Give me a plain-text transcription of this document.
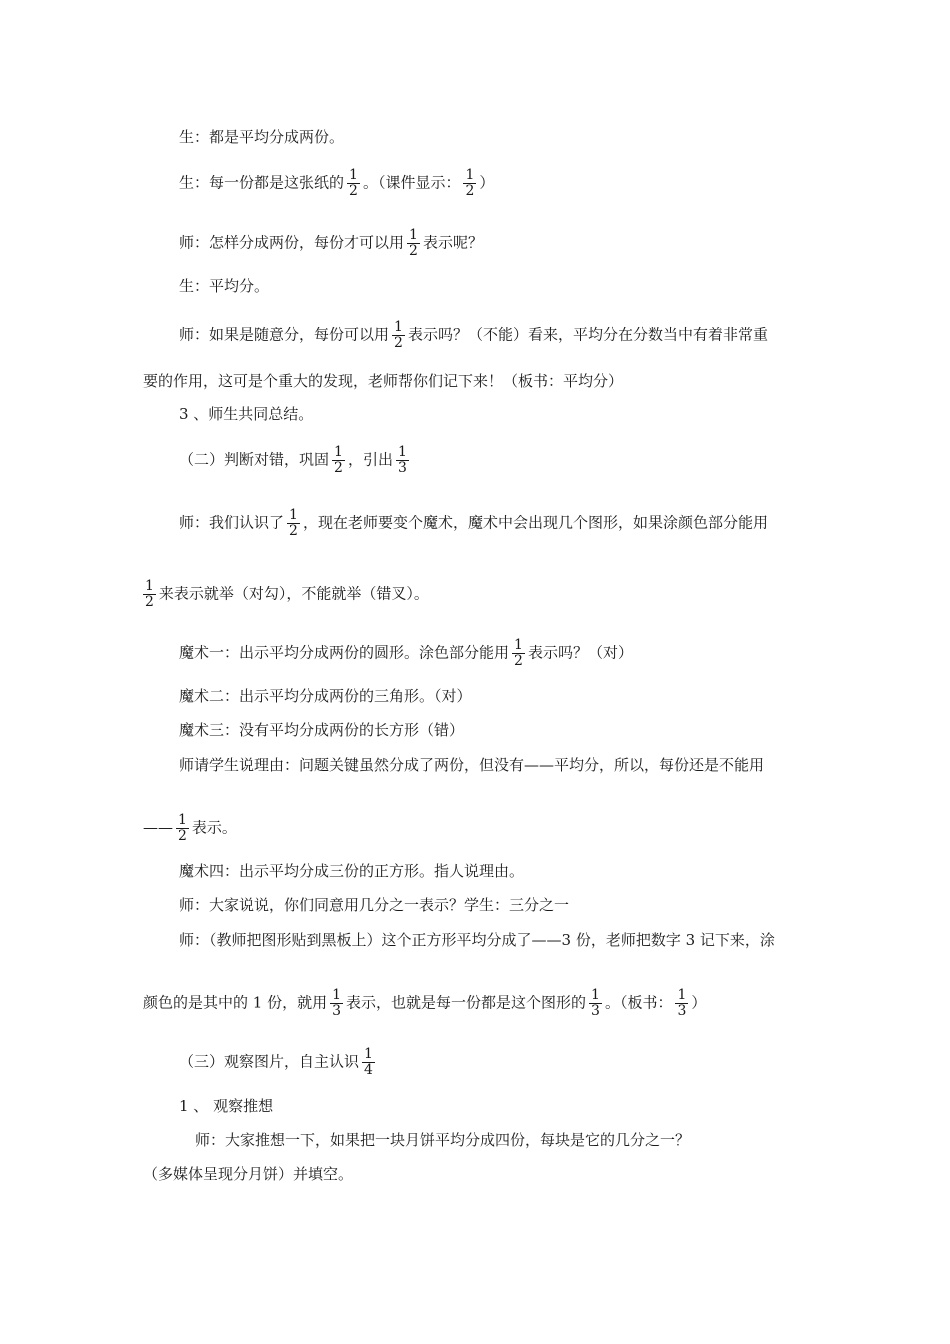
生：都是平均分成两份。
生：每一份都是这张纸的 $\frac{1}{2}$ 。（课件显示： $\frac{1}{2}$ ）
师：怎样分成两份，每份才可以用 $\frac{1}{2}$ 表示呢？
生：平均分。
师：如果是随意分，每份可以用 $\frac{1}{2}$ 表示吗？（不能）看来，平均分在分数当中有着非常重
要的作用，这可是个重大的发现，老师帮你们记下来！（板书：平均分）
3 、师生共同总结。
（二）判断对错，巩固 $\frac{1}{2}$ ，引出 $\frac{1}{3}$
师：我们认识了 $\frac{1}{2}$ ，现在老师要变个魔术，魔术中会出现几个图形，如果涂颜色部分能用
$\frac{1}{2}$ 来表示就举（对勾），不能就举（错叉）。
魔术一：出示平均分成两份的圆形。涂色部分能用 $\frac{1}{2}$ 表示吗？（对）
魔术二：出示平均分成两份的三角形。（对）
魔术三：没有平均分成两份的长方形（错）
师请学生说理由：问题关键虽然分成了两份，但没有——平均分，所以，每份还是不能用
—— $\frac{1}{2}$ 表示。
魔术四：出示平均分成三份的正方形。指人说理由。
师：大家说说，你们同意用几分之一表示？学生：三分之一
师：（教师把图形贴到黑板上）这个正方形平均分成了——3 份，老师把数字 3 记下来，涂
颜色的是其中的 1 份，就用 $\frac{1}{3}$ 表示，也就是每一份都是这个图形的 $\frac{1}{3}$ 。（板书： $\frac{1}{3}$ ）
（三）观察图片，自主认识 $\frac{1}{4}$
1 、 观察推想
师：大家推想一下，如果把一块月饼平均分成四份，每块是它的几分之一？
（多媒体呈现分月饼）并填空。
